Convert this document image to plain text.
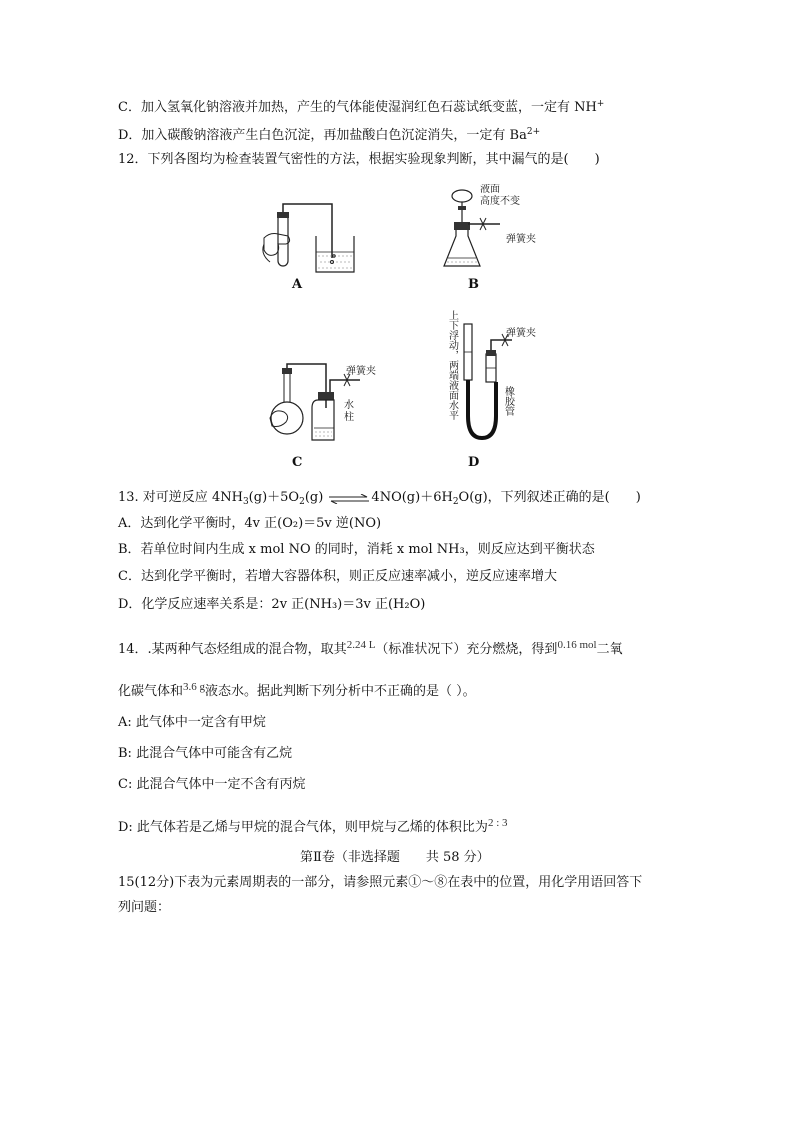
C．加入氢氧化钠溶液并加热，产生的气体能使湿润红色石蕊试纸变蓝，一定有 NH+
D．加入碳酸钠溶液产生白色沉淀，再加盐酸白色沉淀消失，一定有 $Ba^{2+}$
12．下列各图均为检查装置气密性的方法，根据实验现象判断，其中漏气的是(　　)
A
液面
高度不变
弹簧夹
B
弹簧夹
水
柱
C
上下浮动，两端液面水平	弹簧夹
橡胶管
D
13. 对可逆反应 $4NH_3(g)+5O_2(g)$ $\rightleftharpoons 4NO(g)+6H_2O(g)$，下列叙述正确的是(　　)
A．达到化学平衡时，4v 正(O₂)＝5v 逆(NO)
B．若单位时间内生成 x mol NO 的同时，消耗 x mol NH₃，则反应达到平衡状态
C．达到化学平衡时，若增大容器体积，则正反应速率减小，逆反应速率增大
D．化学反应速率关系是：2v 正(NH₃)＝3v 正(H₂O)
14．.某两种气态烃组成的混合物，取其$^{2.24 L}$（标准状况下）充分燃烧，得到$^{0.16 mol}$二氧
化碳气体和$^{3.6 g}$液态水。据此判断下列分析中不正确的是（ ）。
A: 此气体中一定含有甲烷
B: 此混合气体中可能含有乙烷
C: 此混合气体中一定不含有丙烷
D: 此气体若是乙烯与甲烷的混合气体，则甲烷与乙烯的体积比为$^{2 : 3}$
第Ⅱ卷（非选择题　　共 58 分）
15(12分)下表为元素周期表的一部分，请参照元素①～⑧在表中的位置，用化学用语回答下
列问题：
